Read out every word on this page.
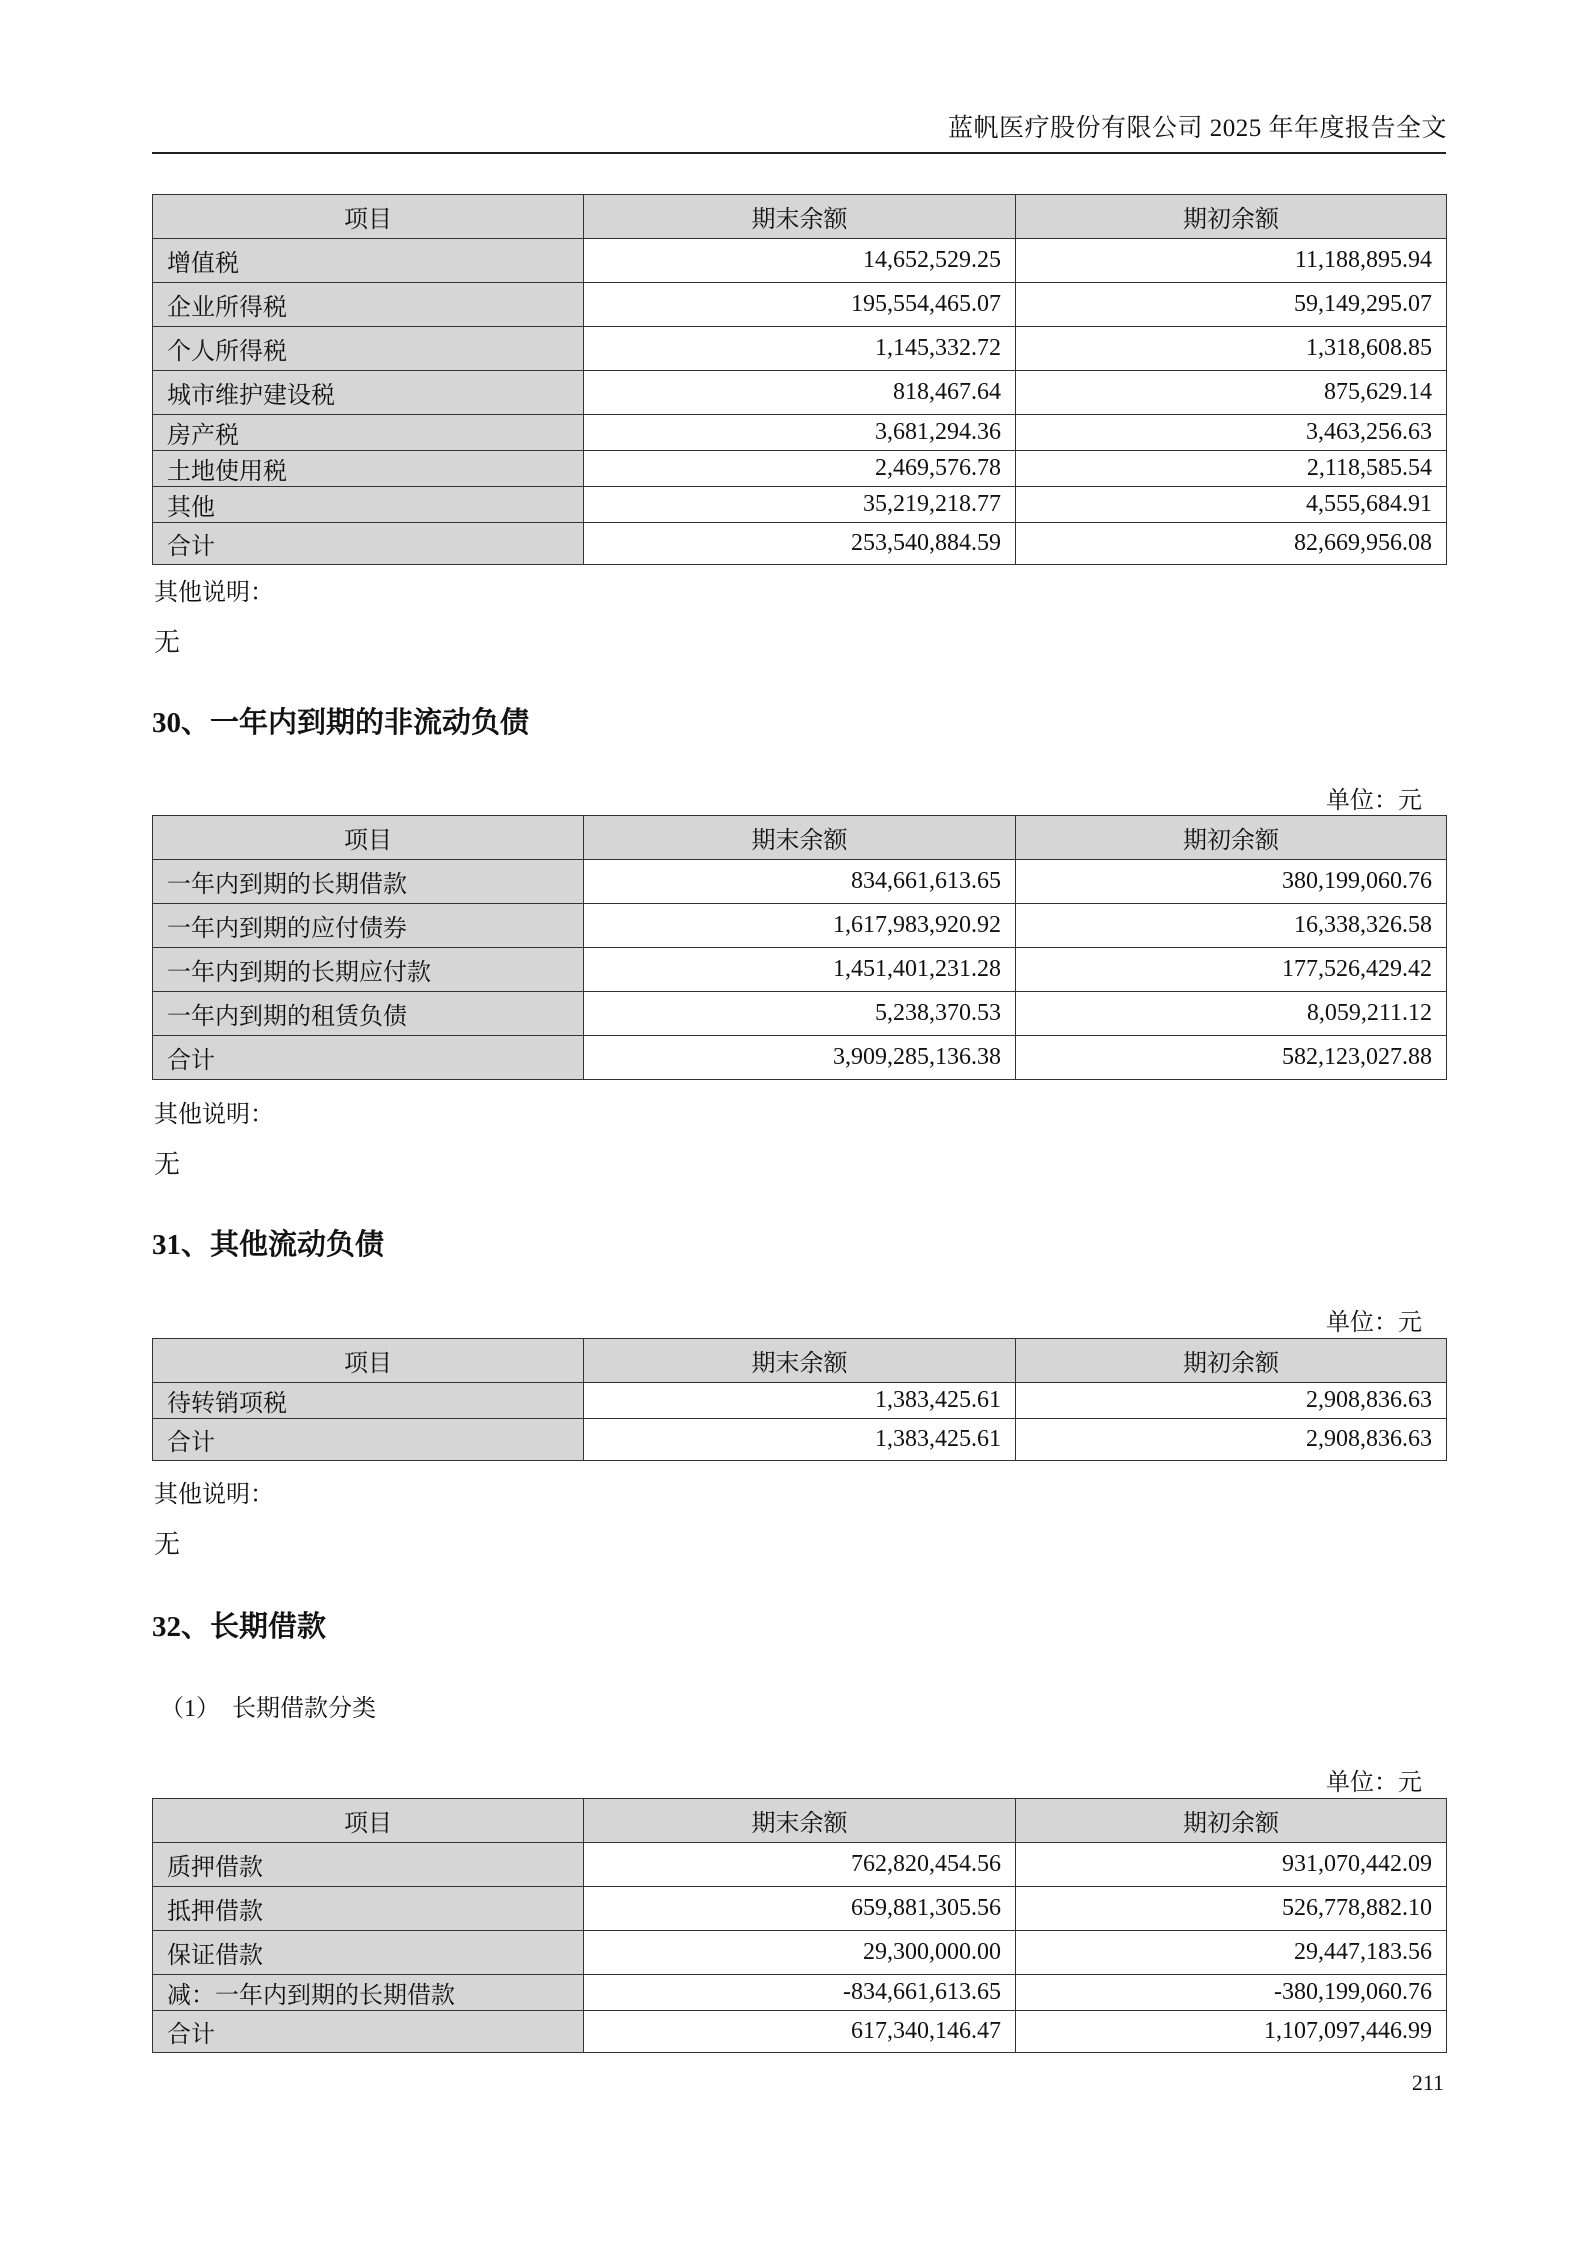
蓝帆医疗股份有限公司 2025 年年度报告全文
项目	期末余额	期初余额
增值税	14,652,529.25	11,188,895.94
企业所得税	195,554,465.07	59,149,295.07
个人所得税	1,145,332.72	1,318,608.85
城市维护建设税	818,467.64	875,629.14
房产税	3,681,294.36	3,463,256.63
土地使用税	2,469,576.78	2,118,585.54
其他	35,219,218.77	4,555,684.91
合计	253,540,884.59	82,669,956.08
其他说明：
无
30、一年内到期的非流动负债
单位：元
项目	期末余额	期初余额
一年内到期的长期借款	834,661,613.65	380,199,060.76
一年内到期的应付债券	1,617,983,920.92	16,338,326.58
一年内到期的长期应付款	1,451,401,231.28	177,526,429.42
一年内到期的租赁负债	5,238,370.53	8,059,211.12
合计	3,909,285,136.38	582,123,027.88
其他说明：
无
31、其他流动负债
单位：元
项目	期末余额	期初余额
待转销项税	1,383,425.61	2,908,836.63
合计	1,383,425.61	2,908,836.63
其他说明：
无
32、长期借款
（1）　长期借款分类
单位：元
项目	期末余额	期初余额
质押借款	762,820,454.56	931,070,442.09
抵押借款	659,881,305.56	526,778,882.10
保证借款	29,300,000.00	29,447,183.56
减：一年内到期的长期借款	-834,661,613.65	-380,199,060.76
合计	617,340,146.47	1,107,097,446.99
211
